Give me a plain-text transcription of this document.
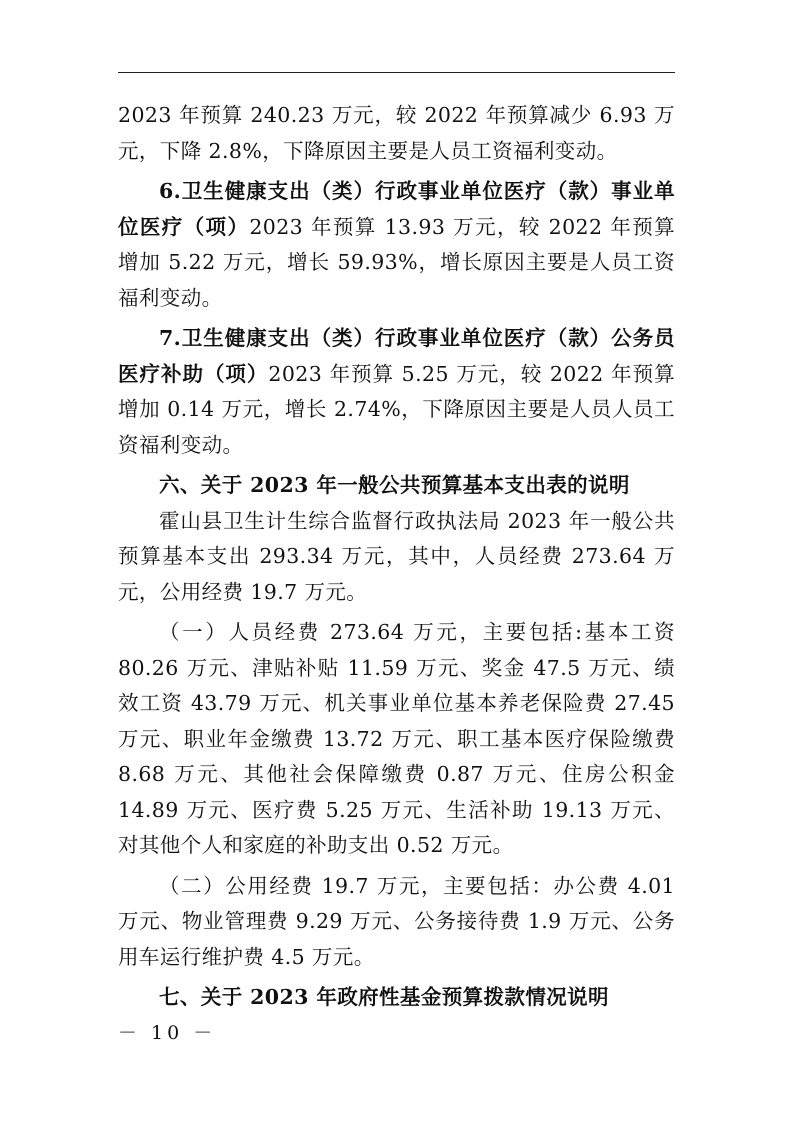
2023 年预算 240.23 万元，较 2022 年预算减少 6.93 万元，下降 2.8%，下降原因主要是人员工资福利变动。

6.卫生健康支出（类）行政事业单位医疗（款）事业单位医疗（项）2023 年预算 13.93 万元，较 2022 年预算增加 5.22 万元，增长 59.93%，增长原因主要是人员工资福利变动。

7.卫生健康支出（类）行政事业单位医疗（款）公务员医疗补助（项）2023 年预算 5.25 万元，较 2022 年预算增加 0.14 万元，增长 2.74%，下降原因主要是人员人员工资福利变动。

六、关于 2023 年一般公共预算基本支出表的说明

霍山县卫生计生综合监督行政执法局 2023 年一般公共预算基本支出 293.34 万元，其中，人员经费 273.64 万元，公用经费 19.7 万元。

（一）人员经费 273.64 万元，主要包括:基本工资 80.26 万元、津贴补贴 11.59 万元、奖金 47.5 万元、绩效工资 43.79 万元、机关事业单位基本养老保险费 27.45 万元、职业年金缴费 13.72 万元、职工基本医疗保险缴费 8.68 万元、其他社会保障缴费 0.87 万元、住房公积金 14.89 万元、医疗费 5.25 万元、生活补助 19.13 万元、对其他个人和家庭的补助支出 0.52 万元。

（二）公用经费 19.7 万元，主要包括：办公费 4.01 万元、物业管理费 9.29 万元、公务接待费 1.9 万元、公务用车运行维护费 4.5 万元。

七、关于 2023 年政府性基金预算拨款情况说明

－ 10 －
